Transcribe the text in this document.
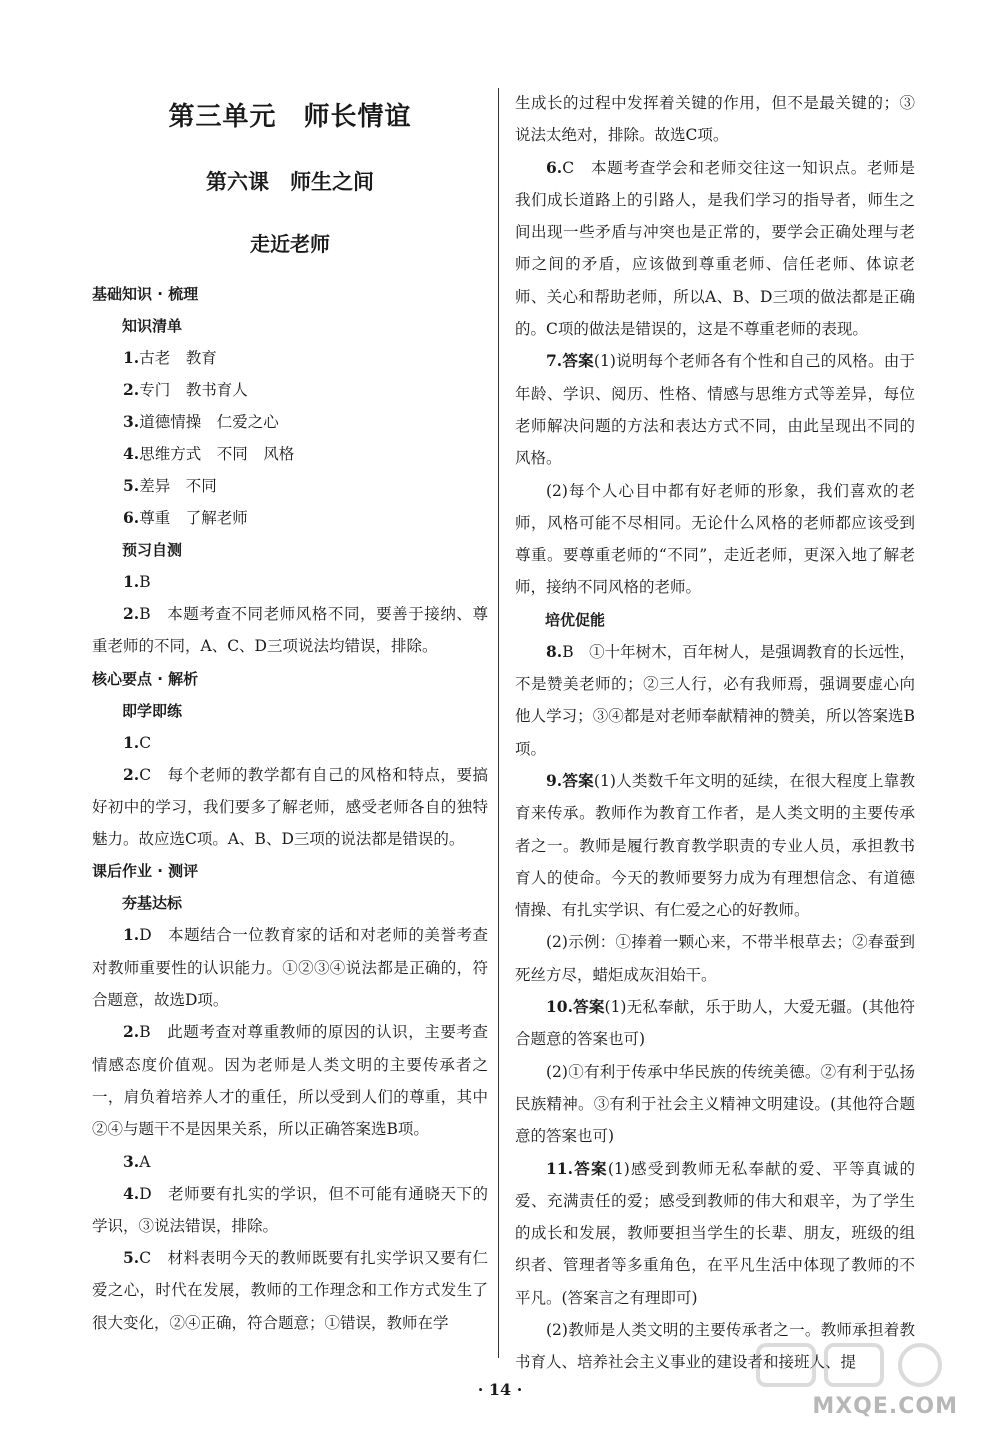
第三单元　师长情谊
第六课　师生之间
走近老师
基础知识 · 梳理
知识清单
1.古老　教育
2.专门　教书育人
3.道德情操　仁爱之心
4.思维方式　不同　风格
5.差异　不同
6.尊重　了解老师
预习自测
1.B
2.B　本题考查不同老师风格不同，要善于接纳、尊重老师的不同，A、C、D三项说法均错误，排除。
核心要点 · 解析
即学即练
1.C
2.C　每个老师的教学都有自己的风格和特点，要搞好初中的学习，我们要多了解老师，感受老师各自的独特魅力。故应选C项。A、B、D三项的说法都是错误的。
课后作业 · 测评
夯基达标
1.D　本题结合一位教育家的话和对老师的美誉考查对教师重要性的认识能力。①②③④说法都是正确的，符合题意，故选D项。
2.B　此题考查对尊重教师的原因的认识，主要考查情感态度价值观。因为老师是人类文明的主要传承者之一，肩负着培养人才的重任，所以受到人们的尊重，其中②④与题干不是因果关系，所以正确答案选B项。
3.A
4.D　老师要有扎实的学识，但不可能有通晓天下的学识，③说法错误，排除。
5.C　材料表明今天的教师既要有扎实学识又要有仁爱之心，时代在发展，教师的工作理念和工作方式发生了很大变化，②④正确，符合题意；①错误，教师在学
生成长的过程中发挥着关键的作用，但不是最关键的；③说法太绝对，排除。故选C项。
6.C　本题考查学会和老师交往这一知识点。老师是我们成长道路上的引路人，是我们学习的指导者，师生之间出现一些矛盾与冲突也是正常的，要学会正确处理与老师之间的矛盾，应该做到尊重老师、信任老师、体谅老师、关心和帮助老师，所以A、B、D三项的做法都是正确的。C项的做法是错误的，这是不尊重老师的表现。
7.答案(1)说明每个老师各有个性和自己的风格。由于年龄、学识、阅历、性格、情感与思维方式等差异，每位老师解决问题的方法和表达方式不同，由此呈现出不同的风格。
(2)每个人心目中都有好老师的形象，我们喜欢的老师，风格可能不尽相同。无论什么风格的老师都应该受到尊重。要尊重老师的“不同”，走近老师，更深入地了解老师，接纳不同风格的老师。
培优促能
8.B　①十年树木，百年树人，是强调教育的长远性，不是赞美老师的；②三人行，必有我师焉，强调要虚心向他人学习；③④都是对老师奉献精神的赞美，所以答案选B项。
9.答案(1)人类数千年文明的延续，在很大程度上靠教育来传承。教师作为教育工作者，是人类文明的主要传承者之一。教师是履行教育教学职责的专业人员，承担教书育人的使命。今天的教师要努力成为有理想信念、有道德情操、有扎实学识、有仁爱之心的好教师。
(2)示例：①捧着一颗心来，不带半根草去；②春蚕到死丝方尽，蜡炬成灰泪始干。
10.答案(1)无私奉献，乐于助人，大爱无疆。(其他符合题意的答案也可)
(2)①有利于传承中华民族的传统美德。②有利于弘扬民族精神。③有利于社会主义精神文明建设。(其他符合题意的答案也可)
11.答案(1)感受到教师无私奉献的爱、平等真诚的爱、充满责任的爱；感受到教师的伟大和艰辛，为了学生的成长和发展，教师要担当学生的长辈、朋友，班级的组织者、管理者等多重角色，在平凡生活中体现了教师的不平凡。(答案言之有理即可)
(2)教师是人类文明的主要传承者之一。教师承担着教书育人、培养社会主义事业的建设者和接班人、提
· 14 ·
MXQE.COM
